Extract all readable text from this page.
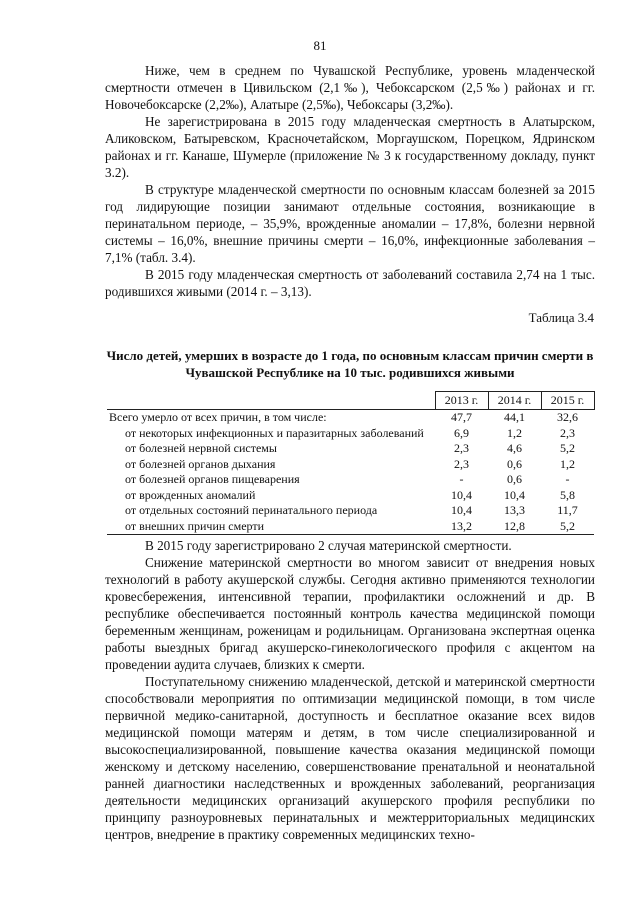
81

Ниже, чем в среднем по Чувашской Республике, уровень младенческой смертности отмечен в Цивильском (2,1‰), Чебоксарском (2,5‰) районах и гг. Новочебоксарске (2,2‰), Алатыре (2,5‰), Чебоксары (3,2‰).

Не зарегистрирована в 2015 году младенческая смертность в Алатырском, Аликовском, Батыревском, Красночетайском, Моргаушском, Порецком, Ядринском районах и гг. Канаше, Шумерле (приложение № 3 к государственному докладу, пункт 3.2).

В структуре младенческой смертности по основным классам болезней за 2015 год лидирующие позиции занимают отдельные состояния, возникающие в перинатальном периоде, – 35,9%, врожденные аномалии – 17,8%, болезни нервной системы – 16,0%, внешние причины смерти – 16,0%, инфекционные заболевания – 7,1% (табл. 3.4).

В 2015 году младенческая смертность от заболеваний составила 2,74 на 1 тыс. родившихся живыми (2014 г. – 3,13).

Таблица 3.4
Число детей, умерших в возрасте до 1 года, по основным классам причин смерти в Чувашской Республике на 10 тыс. родившихся живыми
	2013 г.	2014 г.	2015 г.
Всего умерло от всех причин, в том числе:	47,7	44,1	32,6
от некоторых инфекционных и паразитарных заболеваний	6,9	1,2	2,3
от болезней нервной системы	2,3	4,6	5,2
от болезней органов дыхания	2,3	0,6	1,2
от болезней органов пищеварения	-	0,6	-
от врожденных аномалий	10,4	10,4	5,8
от отдельных состояний перинатального периода	10,4	13,3	11,7
от внешних причин смерти	13,2	12,8	5,2

В 2015 году зарегистрировано 2 случая материнской смертности.

Снижение материнской смертности во многом зависит от внедрения новых технологий в работу акушерской службы. Сегодня активно применяются технологии кровесбережения, интенсивной терапии, профилактики осложнений и др. В республике обеспечивается постоянный контроль качества медицинской помощи беременным женщинам, роженицам и родильницам. Организована экспертная оценка работы выездных бригад акушерско-гинекологического профиля с акцентом на проведении аудита случаев, близких к смерти.

Поступательному снижению младенческой, детской и материнской смертности способствовали мероприятия по оптимизации медицинской помощи, в том числе первичной медико-санитарной, доступность и бесплатное оказание всех видов медицинской помощи матерям и детям, в том числе специализированной и высокоспециализированной, повышение качества оказания медицинской помощи женскому и детскому населению, совершенствование пренатальной и неонатальной ранней диагностики наследственных и врожденных заболеваний, реорганизация деятельности медицинских организаций акушерского профиля республики по принципу разноуровневых перинатальных и межтерриториальных медицинских центров, внедрение в практику современных медицинских техно-
